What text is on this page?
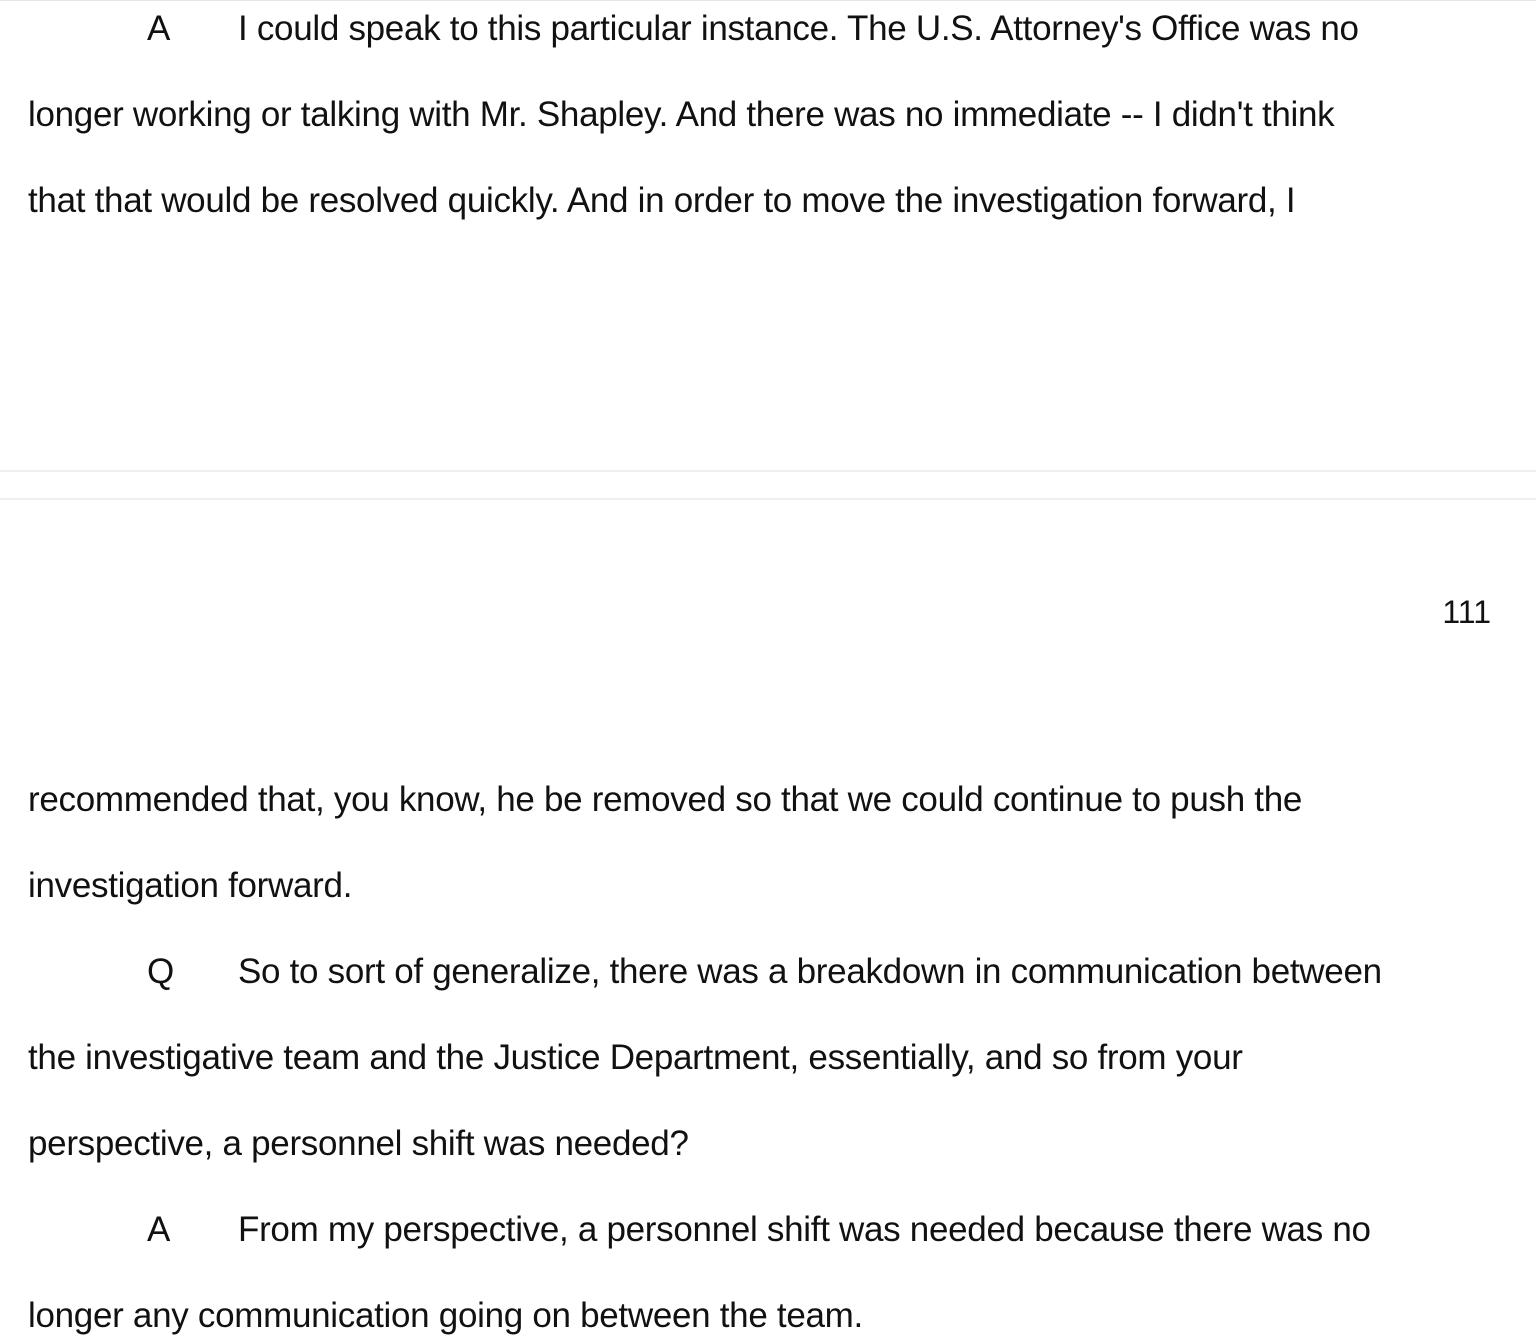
A I could speak to this particular instance. The U.S. Attorney's Office was no
longer working or talking with Mr. Shapley. And there was no immediate -- I didn't think
that that would be resolved quickly. And in order to move the investigation forward, I
111
recommended that, you know, he be removed so that we could continue to push the
investigation forward.
Q So to sort of generalize, there was a breakdown in communication between
the investigative team and the Justice Department, essentially, and so from your
perspective, a personnel shift was needed?
A From my perspective, a personnel shift was needed because there was no
longer any communication going on between the team.
